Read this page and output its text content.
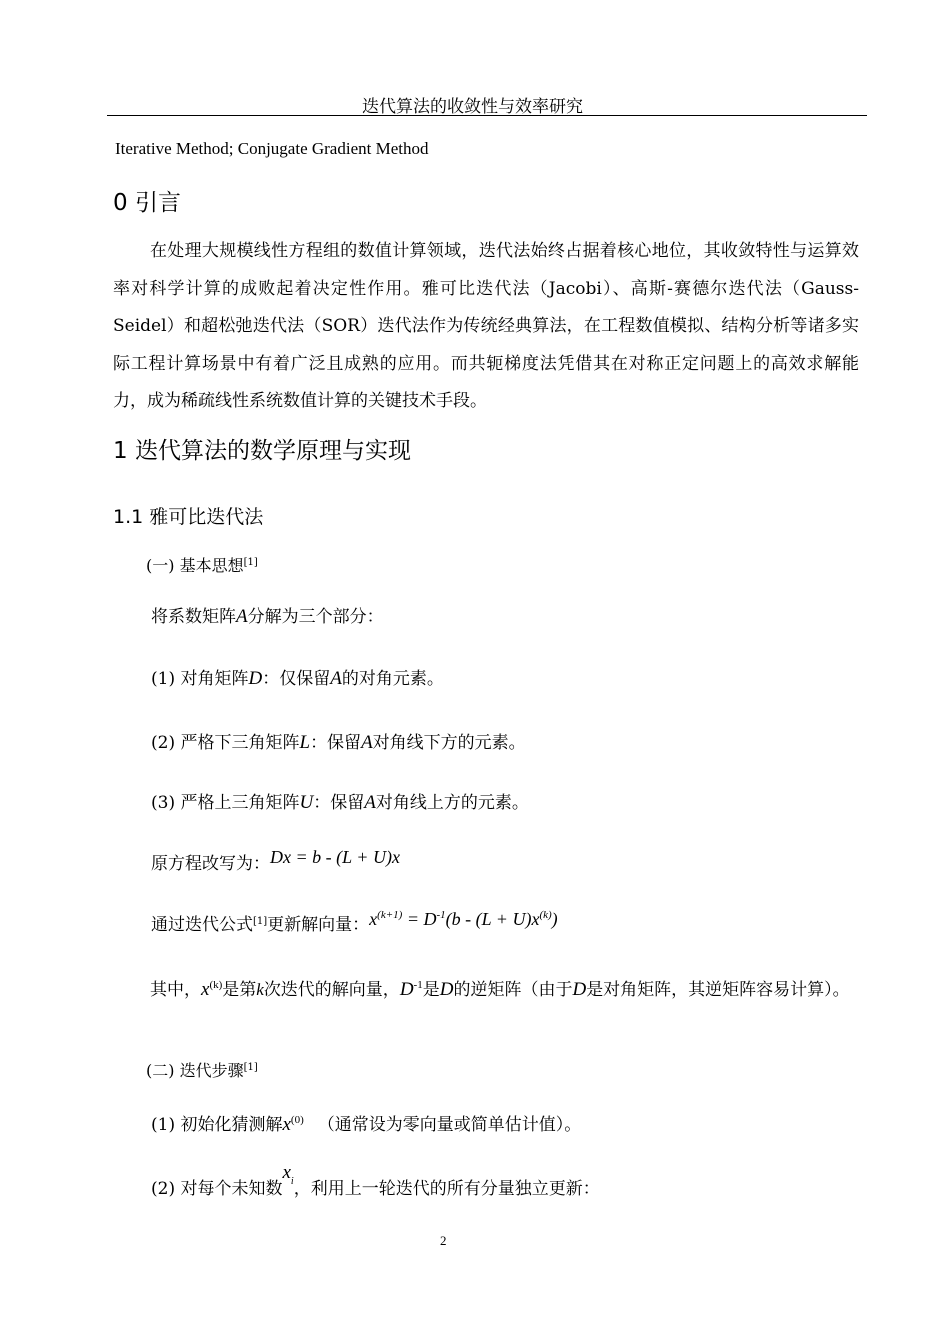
迭代算法的收敛性与效率研究
Iterative Method; Conjugate Gradient Method
0 引言
在处理大规模线性方程组的数值计算领域，迭代法始终占据着核心地位，其收敛特性与运算效率对科学计算的成败起着决定性作用。雅可比迭代法（Jacobi）、高斯-赛德尔迭代法（Gauss-Seidel）和超松弛迭代法（SOR）迭代法作为传统经典算法，在工程数值模拟、结构分析等诸多实际工程计算场景中有着广泛且成熟的应用。而共轭梯度法凭借其在对称正定问题上的高效求解能力，成为稀疏线性系统数值计算的关键技术手段。
1 迭代算法的数学原理与实现
1.1 雅可比迭代法
(一) 基本思想[1]
将系数矩阵A分解为三个部分：
(1) 对角矩阵D：仅保留A的对角元素。
(2) 严格下三角矩阵L：保留A对角线下方的元素。
(3) 严格上三角矩阵U：保留A对角线上方的元素。
原方程改写为：Dx = b - (L + U)x
通过迭代公式[1]更新解向量：$x^{(k+1)} = D^{-1}(b - (L + U)x^{(k)})$
其中，$x^{(k)}$是第k次迭代的解向量，$D^{-1}$是D的逆矩阵（由于D是对角矩阵，其逆矩阵容易计算）。
(二) 迭代步骤[1]
(1) 初始化猜测解$x^{(0)}$ （通常设为零向量或简单估计值）。
(2) 对每个未知数$x^i$，利用上一轮迭代的所有分量独立更新：
2
